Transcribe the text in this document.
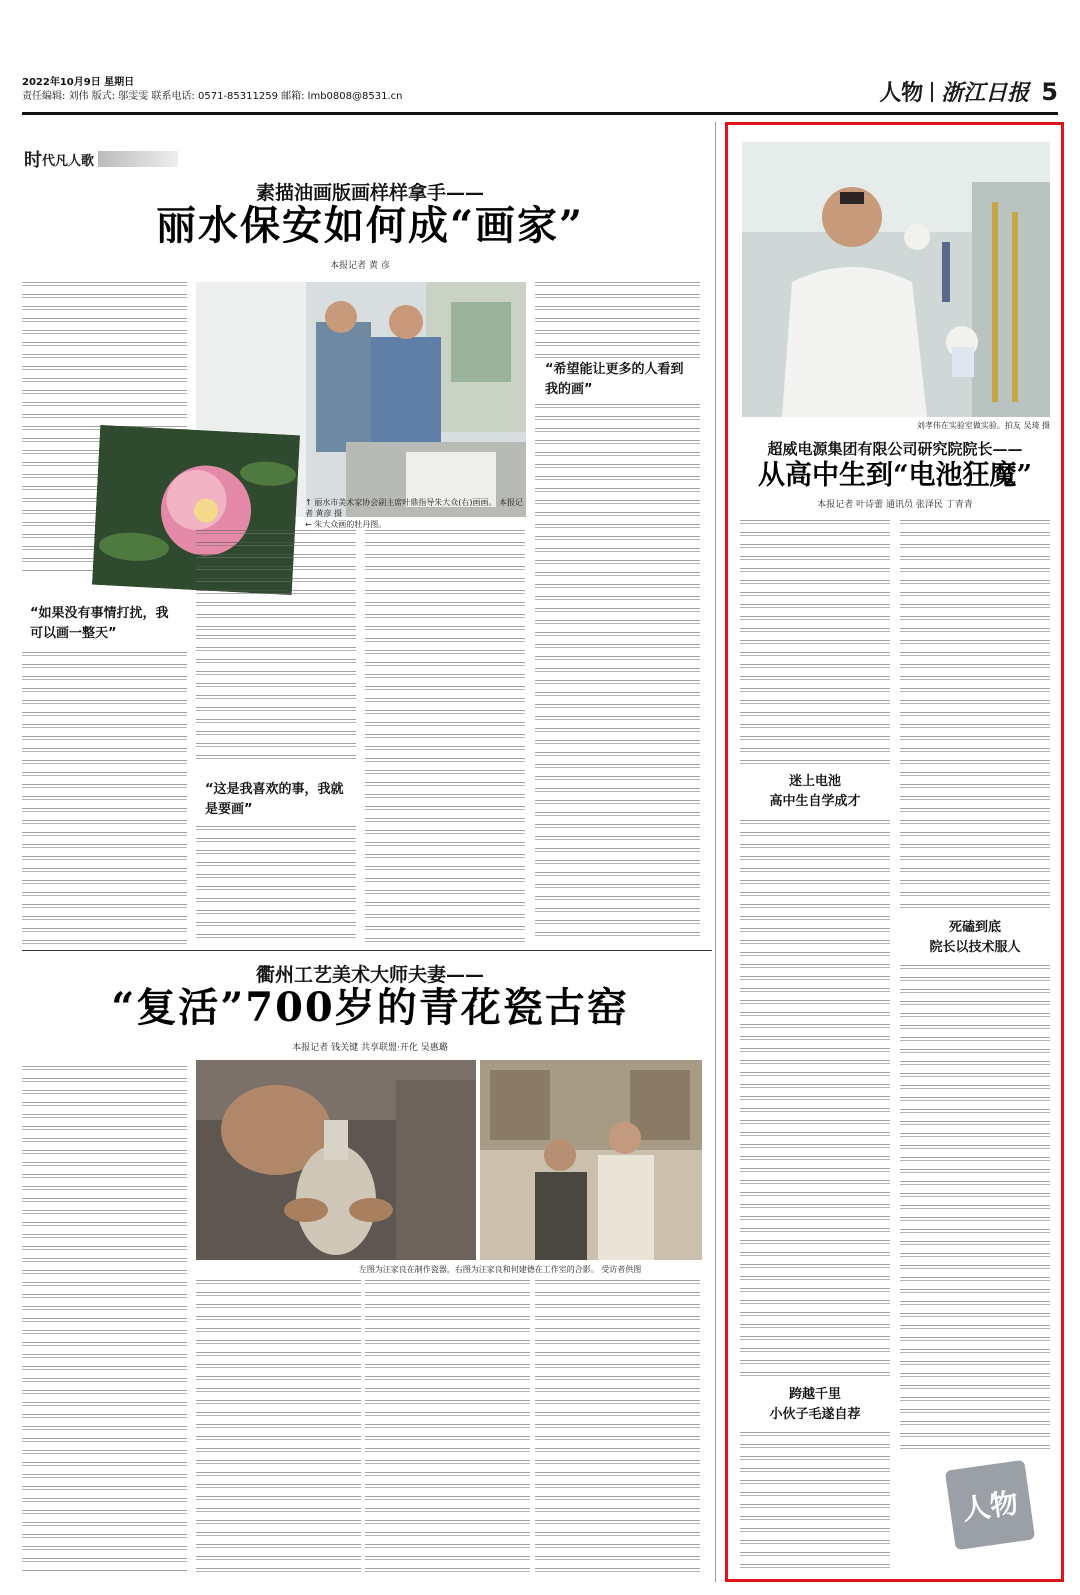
2022年10月9日 星期日
责任编辑: 刘伟 版式: 邬雯雯 联系电话: 0571-85311259 邮箱: lmb0808@8531.cn	人物 浙江日报 5
时 代凡人歌
素描油画版画样样拿手——
丽水保安如何成“画家”
本报记者 黄 彦
“如果没有事情打扰，我可以画一整天”
↑ 丽水市美术家协会副主席叶鼎指导朱大众(右)画画。 本报记者 黄彦 摄
← 朱大众画的牡丹图。
“这是我喜欢的事，我就是要画”
“希望能让更多的人看到我的画”
衢州工艺美术大师夫妻——
“复活”700岁的青花瓷古窑
本报记者 钱关键 共享联盟·开化 吴惠璐
左图为汪家良在制作瓷器，右图为汪家良和何建德在工作室的合影。 受访者供图
刘孝伟在实验室做实验。拍友 吴琦 摄
超威电源集团有限公司研究院院长——
从高中生到“电池狂魔”
本报记者 叶诗蕾 通讯员 张泽民 丁青青
迷上电池
高中生自学成才
跨越千里
小伙子毛遂自荐
死磕到底
院长以技术服人
人物
